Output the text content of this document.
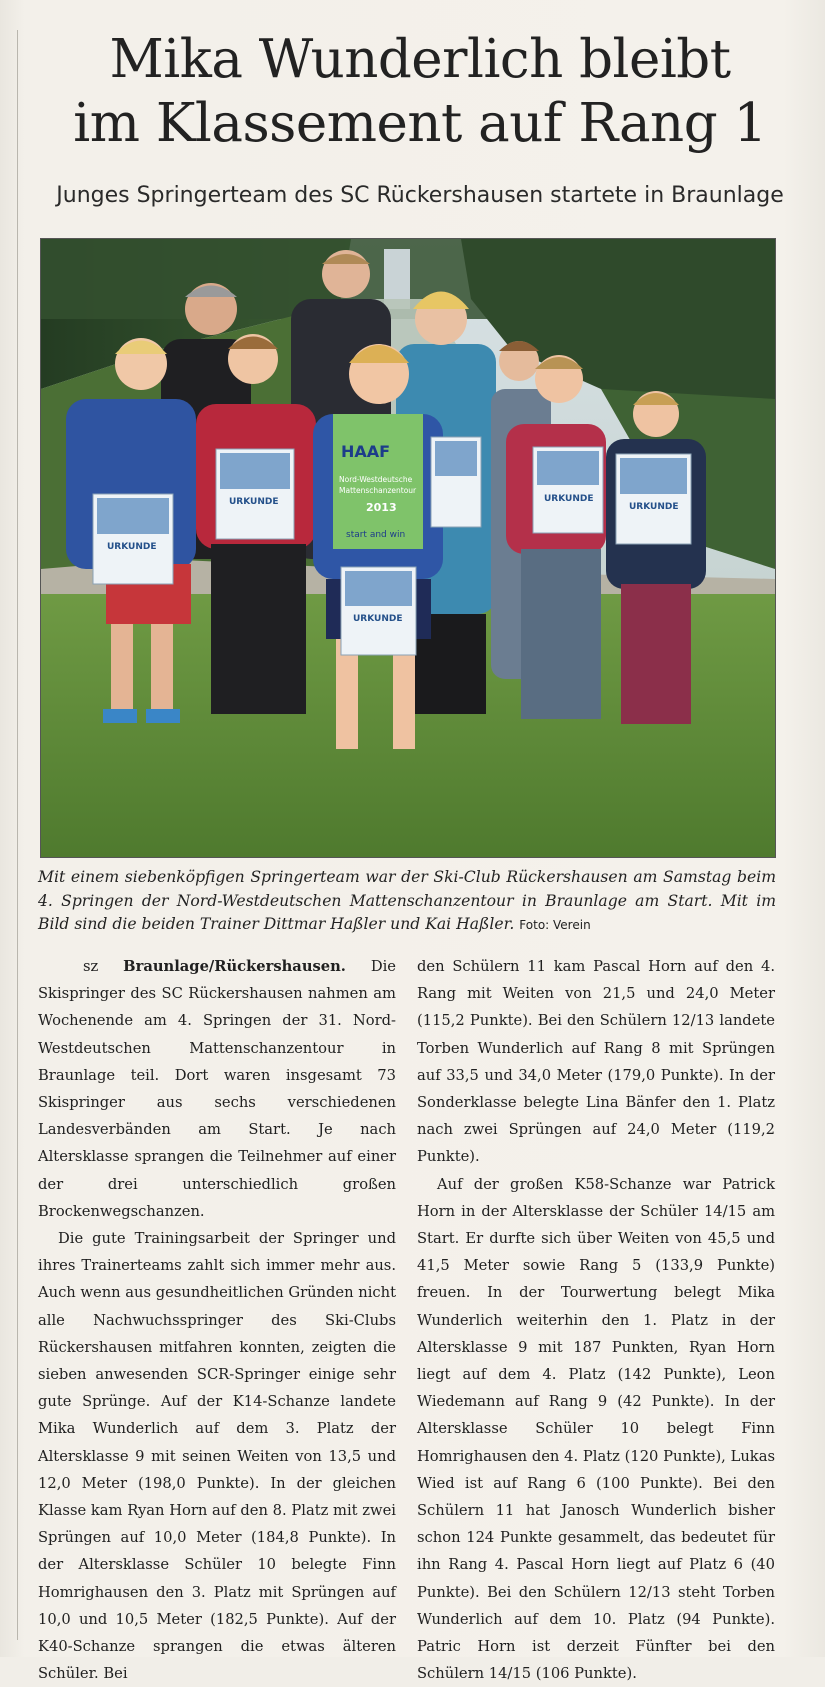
Mika Wunderlich bleibt
im Klassement auf Rang 1
Junges Springerteam des SC Rückershausen startete in Braunlage
HAAF
Nord-Westdeutsche
Mattenschanzentour
2013
start and win
URKUNDE
URKUNDE
URKUNDE
URKUNDE
URKUNDE
Mit einem siebenköpfigen Springerteam war der Ski-Club Rückershausen am Samstag beim 4. Springen der Nord-Westdeutschen Mattenschanzentour in Braunlage am Start. Mit im Bild sind die beiden Trainer Dittmar Haßler und Kai Haßler. Foto: Verein

sz Braunlage/Rückershausen. Die Skispringer des SC Rückershausen nahmen am Wochenende am 4. Springen der 31. Nord-Westdeutschen Mattenschanzentour in Braunlage teil. Dort waren insgesamt 73 Skispringer aus sechs verschiedenen Landesverbänden am Start. Je nach Altersklasse sprangen die Teilnehmer auf einer der drei unterschiedlich großen Brockenwegschanzen.

Die gute Trainingsarbeit der Springer und ihres Trainerteams zahlt sich immer mehr aus. Auch wenn aus gesundheitlichen Gründen nicht alle Nachwuchsspringer des Ski-Clubs Rückershausen mitfahren konnten, zeigten die sieben anwesenden SCR-Springer einige sehr gute Sprünge. Auf der K14-Schanze landete Mika Wunderlich auf dem 3. Platz der Altersklasse 9 mit seinen Weiten von 13,5 und 12,0 Meter (198,0 Punkte). In der gleichen Klasse kam Ryan Horn auf den 8. Platz mit zwei Sprüngen auf 10,0 Meter (184,8 Punkte). In der Altersklasse Schüler 10 belegte Finn Homrighausen den 3. Platz mit Sprüngen auf 10,0 und 10,5 Meter (182,5 Punkte). Auf der K40-Schanze sprangen die etwas älteren Schüler. Bei

den Schülern 11 kam Pascal Horn auf den 4. Rang mit Weiten von 21,5 und 24,0 Meter (115,2 Punkte). Bei den Schülern 12/13 landete Torben Wunderlich auf Rang 8 mit Sprüngen auf 33,5 und 34,0 Meter (179,0 Punkte). In der Sonderklasse belegte Lina Bänfer den 1. Platz nach zwei Sprüngen auf 24,0 Meter (119,2 Punkte).

Auf der großen K58-Schanze war Patrick Horn in der Altersklasse der Schüler 14/15 am Start. Er durfte sich über Weiten von 45,5 und 41,5 Meter sowie Rang 5 (133,9 Punkte) freuen. In der Tourwertung belegt Mika Wunderlich weiterhin den 1. Platz in der Altersklasse 9 mit 187 Punkten, Ryan Horn liegt auf dem 4. Platz (142 Punkte), Leon Wiedemann auf Rang 9 (42 Punkte). In der Altersklasse Schüler 10 belegt Finn Homrighausen den 4. Platz (120 Punkte), Lukas Wied ist auf Rang 6 (100 Punkte). Bei den Schülern 11 hat Janosch Wunderlich bisher schon 124 Punkte gesammelt, das bedeutet für ihn Rang 4. Pascal Horn liegt auf Platz 6 (40 Punkte). Bei den Schülern 12/13 steht Torben Wunderlich auf dem 10. Platz (94 Punkte). Patric Horn ist derzeit Fünfter bei den Schülern 14/15 (106 Punkte).
